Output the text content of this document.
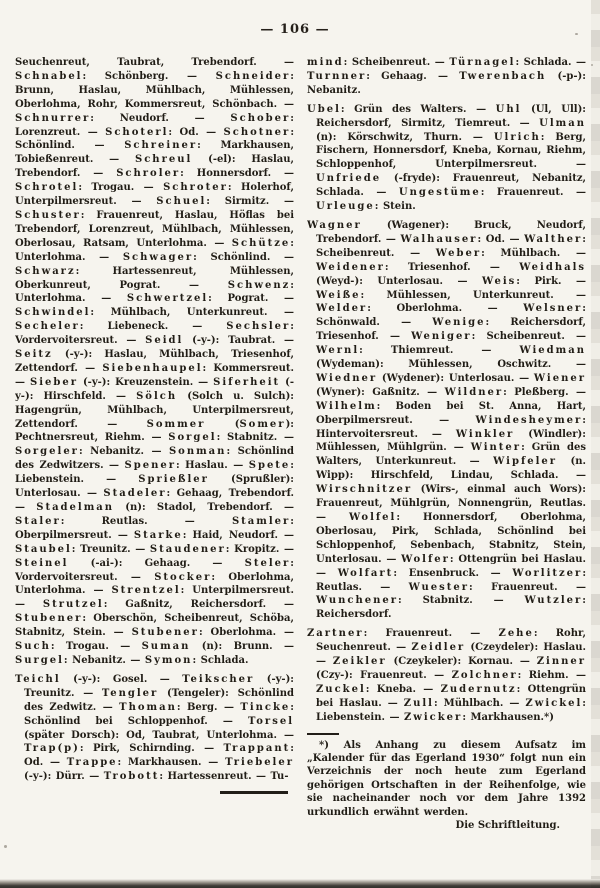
— 106 —

Seuchenreut, Taubrat, Trebendorf. — Schnabel: Schönberg. — Schneider: Brunn, Haslau, Mühlbach, Mühlessen, Oberlohma, Rohr, Kommersreut, Schönbach. — Schnurrer: Neudorf. — Schober: Lorenzreut. — Schoterl: Od. — Schotner: Schönlind. — Schreiner: Markhausen, Tobießenreut. — Schreul (-el): Haslau, Trebendorf. — Schroler: Honnersdorf. — Schrotel: Trogau. — Schroter: Holerhof, Unterpilmersreut. — Schuel: Sirmitz. — Schuster: Frauenreut, Haslau, Höflas bei Trebendorf, Lorenzreut, Mühlbach, Mühlessen, Oberlosau, Ratsam, Unterlohma. — Schütze: Unterlohma. — Schwager: Schönlind. — Schwarz: Hartessenreut, Mühlessen, Oberkunreut, Pograt. — Schwenz: Unterlohma. — Schwertzel: Pograt. — Schwindel: Mühlbach, Unterkunreut. — Secheler: Liebeneck. — Sechsler: Vordervoitersreut. — Seidl (-y-): Taubrat. — Seitz (-y-): Haslau, Mühlbach, Triesenhof, Zettendorf. — Siebenhaupel: Kommersreut. — Sieber (-y-): Kreuzenstein. — Siferheit (-y-): Hirschfeld. — Sölch (Solch u. Sulch): Hagengrün, Mühlbach, Unterpilmersreut, Zettendorf. — Sommer (Somer): Pechtnersreut, Riehm. — Sorgel: Stabnitz. — Sorgeler: Nebanitz. — Sonman: Schönlind des Zedwitzers. — Spener: Haslau. — Spete: Liebenstein. — Sprießler (Sprußler): Unterlosau. — Stadeler: Gehaag, Trebendorf. — Stadelman (n): Stadol, Trebendorf. — Staler: Reutlas. — Stamler: Oberpilmersreut. — Starke: Haid, Neudorf. — Staubel: Treunitz. — Staudener: Kropitz. — Steinel (-ai-): Gehaag. — Steler: Vordervoitersreut. — Stocker: Oberlohma, Unterlohma. — Strentzel: Unterpilmersreut. — Strutzel: Gaßnitz, Reichersdorf. — Stubener: Oberschön, Scheibenreut, Schöba, Stabnitz, Stein. — Stubener: Oberlohma. — Such: Trogau. — Suman (n): Brunn. — Surgel: Nebanitz. — Symon: Schlada.

Teichl (-y-): Gosel. — Teikscher (-y-): Treunitz. — Tengler (Tengeler): Schönlind des Zedwitz. — Thoman: Berg. — Tincke: Schönlind bei Schloppenhof. — Torsel (später Dorsch): Od, Taubrat, Unterlohma. — Trap(p): Pirk, Schirnding. — Trappant: Od. — Trappe: Markhausen. — Triebeler (-y-): Dürr. — Trobott: Hartessenreut. — Tu-

mind: Scheibenreut. — Türnagel: Schlada. — Turnner: Gehaag. — Twerenbach (-p-): Nebanitz.

Ubel: Grün des Walters. — Uhl (Ul, Ull): Reichersdorf, Sirmitz, Tiemreut. — Ulman (n): Körschwitz, Thurn. — Ulrich: Berg, Fischern, Honnersdorf, Kneba, Kornau, Riehm, Schloppenhof, Unterpilmersreut. — Unfriede (-fryde): Frauenreut, Nebanitz, Schlada. — Ungestüme: Frauenreut. — Urleuge: Stein.

Wagner (Wagener): Bruck, Neudorf, Trebendorf. — Walhauser: Od. — Walther: Scheibenreut. — Weber: Mühlbach. — Weidener: Triesenhof. — Weidhals (Weyd-): Unterlosau. — Weis: Pirk. — Weiße: Mühlessen, Unterkunreut. — Welder: Oberlohma. — Welsner: Schönwald. — Wenige: Reichersdorf, Triesenhof. — Weniger: Scheibenreut. — Wernl: Thiemreut. — Wiedman (Wydeman): Mühlessen, Oschwitz. — Wiedner (Wydener): Unterlosau. — Wiener (Wyner): Gaßnitz. — Wildner: Pleßberg. — Wilhelm: Boden bei St. Anna, Hart, Oberpilmersreut. — Windesheymer: Hintervoitersreut. — Winkler (Windler): Mühlessen, Mühlgrün. — Winter: Grün des Walters, Unterkunreut. — Wipfeler (n. Wipp): Hirschfeld, Lindau, Schlada. — Wirschnitzer (Wirs-, einmal auch Wors): Frauenreut, Mühlgrün, Nonnengrün, Reutlas. — Wolfel: Honnersdorf, Oberlohma, Oberlosau, Pirk, Schlada, Schönlind bei Schloppenhof, Sebenbach, Stabnitz, Stein, Unterlosau. — Wolfer: Ottengrün bei Haslau. — Wolfart: Ensenbruck. — Worlitzer: Reutlas. — Wuester: Frauenreut. — Wunchener: Stabnitz. — Wutzler: Reichersdorf.

Zartner: Frauenreut. — Zehe: Rohr, Seuchenreut. — Zeidler (Czeydeler): Haslau. — Zeikler (Czeykeler): Kornau. — Zinner (Czy-): Frauenreut. — Zolchner: Riehm. — Zuckel: Kneba. — Zudernutz: Ottengrün bei Haslau. — Zull: Mühlbach. — Zwickel: Liebenstein. — Zwicker: Markhausen.*)

*) Als Anhang zu diesem Aufsatz im „Kalender für das Egerland 1930“ folgt nun ein Verzeichnis der noch heute zum Egerland gehörigen Ortschaften in der Reihenfolge, wie sie nacheinander noch vor dem Jahre 1392 urkundlich erwähnt werden.

Die Schriftleitung.
